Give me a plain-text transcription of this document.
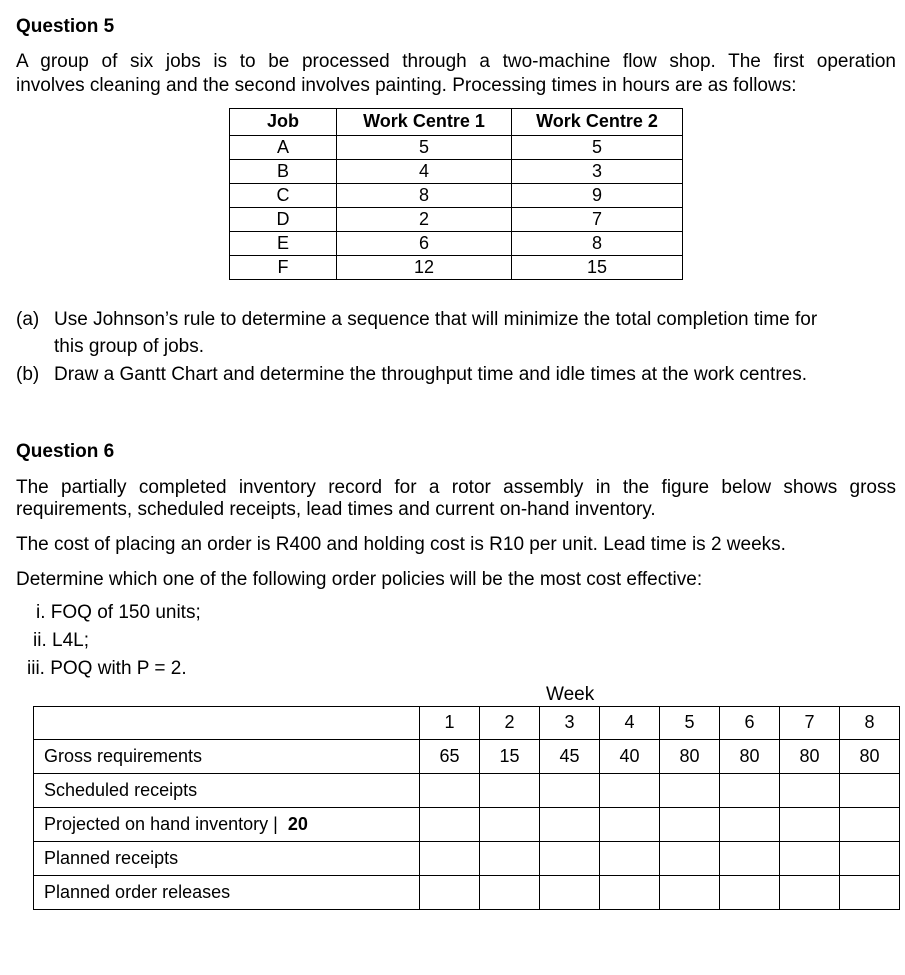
Question 5
A group of six jobs is to be processed through a two-machine flow shop. The first operation
involves cleaning and the second involves painting. Processing times in hours are as follows:
Job	Work Centre 1	Work Centre 2
A	5	5
B	4	3
C	8	9
D	2	7
E	6	8
F	12	15
(a) Use Johnson’s rule to determine a sequence that will minimize the total completion time for
this group of jobs.
(b) Draw a Gantt Chart and determine the throughput time and idle times at the work centres.
Question 6
The partially completed inventory record for a rotor assembly in the figure below shows gross
requirements, scheduled receipts, lead times and current on-hand inventory.
The cost of placing an order is R400 and holding cost is R10 per unit. Lead time is 2 weeks.
Determine which one of the following order policies will be the most cost effective:
i. FOQ of 150 units;
ii. L4L;
iii. POQ with P = 2.
Week
	1	2	3	4	5	6	7	8
Gross requirements	65	15	45	40	80	80	80	80
Scheduled receipts								
Projected on hand inventory | 20								
Planned receipts								
Planned order releases								
